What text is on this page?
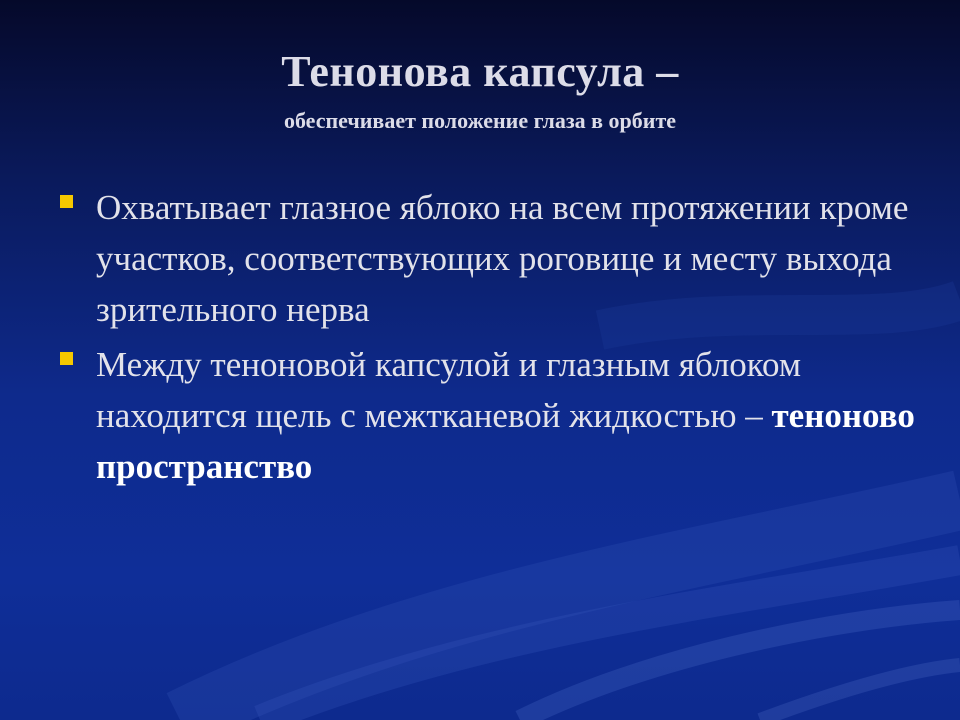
Тенонова капсула –

обеспечивает положение глаза в орбите

Охватывает глазное яблоко на всем протяжении кроме участков, соответствующих роговице и месту выхода зрительного нерва
Между теноновой капсулой и глазным яблоком находится щель с межтканевой жидкостью – теноново пространство
